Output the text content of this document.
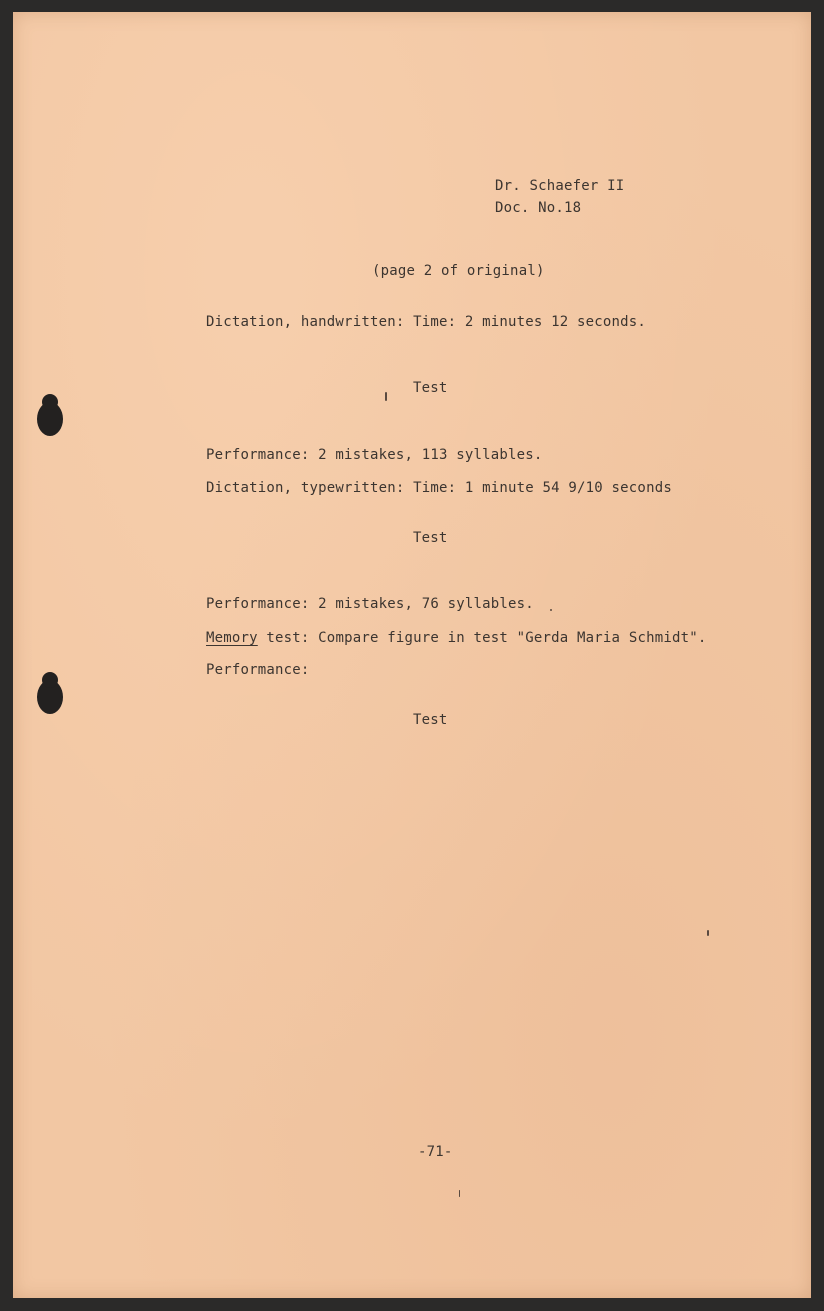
Dr. Schaefer II
Doc. No.18
(page 2 of original)
Dictation, handwritten: Time: 2 minutes 12 seconds.
Test
Performance: 2 mistakes, 113 syllables.
Dictation, typewritten: Time: 1 minute 54 9/10 seconds
Test
Performance: 2 mistakes, 76 syllables.
Memory test: Compare figure in test "Gerda Maria Schmidt".
Performance:
Test
-71-
